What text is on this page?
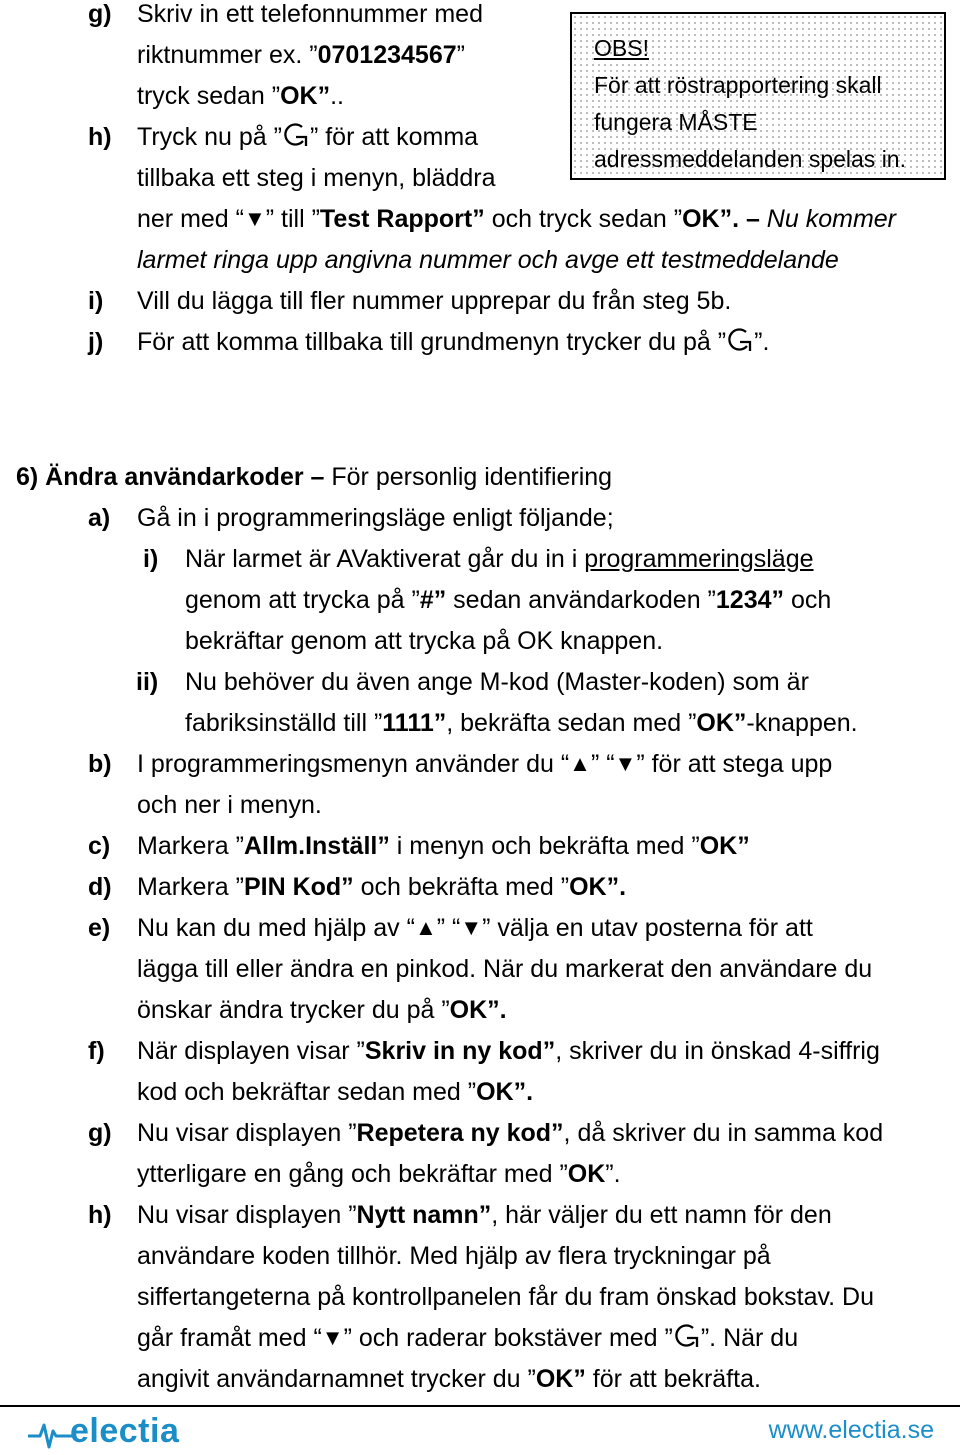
OBS!
För att röstrapportering skall
fungera MÅSTE
adressmeddelanden spelas in.
g) Skriv in ett telefonnummer med
riktnummer ex. ”0701234567”
tryck sedan ”OK”..
h) Tryck nu på ” ” för att komma
tillbaka ett steg i menyn, bläddra
ner med “▼” till ”Test Rapport” och tryck sedan ”OK”. – Nu kommer
larmet ringa upp angivna nummer och avge ett testmeddelande
i) Vill du lägga till fler nummer upprepar du från steg 5b.
j) För att komma tillbaka till grundmenyn trycker du på ” ”.
6) Ändra användarkoder – För personlig identifiering
a) Gå in i programmeringsläge enligt följande;
i) När larmet är AVaktiverat går du in i programmeringsläge
genom att trycka på ”#” sedan användarkoden ”1234” och
bekräftar genom att trycka på OK knappen.
ii) Nu behöver du även ange M-kod (Master-koden) som är
fabriksinställd till ”1111”, bekräfta sedan med ”OK”-knappen.
b) I programmeringsmenyn använder du “▲” “▼” för att stega upp
och ner i menyn.
c) Markera ”Allm.Inställ” i menyn och bekräfta med ”OK”
d) Markera ”PIN Kod” och bekräfta med ”OK”.
e) Nu kan du med hjälp av “▲” “▼” välja en utav posterna för att
lägga till eller ändra en pinkod. När du markerat den användare du
önskar ändra trycker du på ”OK”.
f) När displayen visar ”Skriv in ny kod”, skriver du in önskad 4-siffrig
kod och bekräftar sedan med ”OK”.
g) Nu visar displayen ”Repetera ny kod”, då skriver du in samma kod
ytterligare en gång och bekräftar med ”OK”.
h) Nu visar displayen ”Nytt namn”, här väljer du ett namn för den
användare koden tillhör. Med hjälp av flera tryckningar på
siffertangeterna på kontrollpanelen får du fram önskad bokstav. Du
går framåt med “▼” och raderar bokstäver med ” ”. När du
angivit användarnamnet trycker du ”OK” för att bekräfta.
electia	www.electia.se
